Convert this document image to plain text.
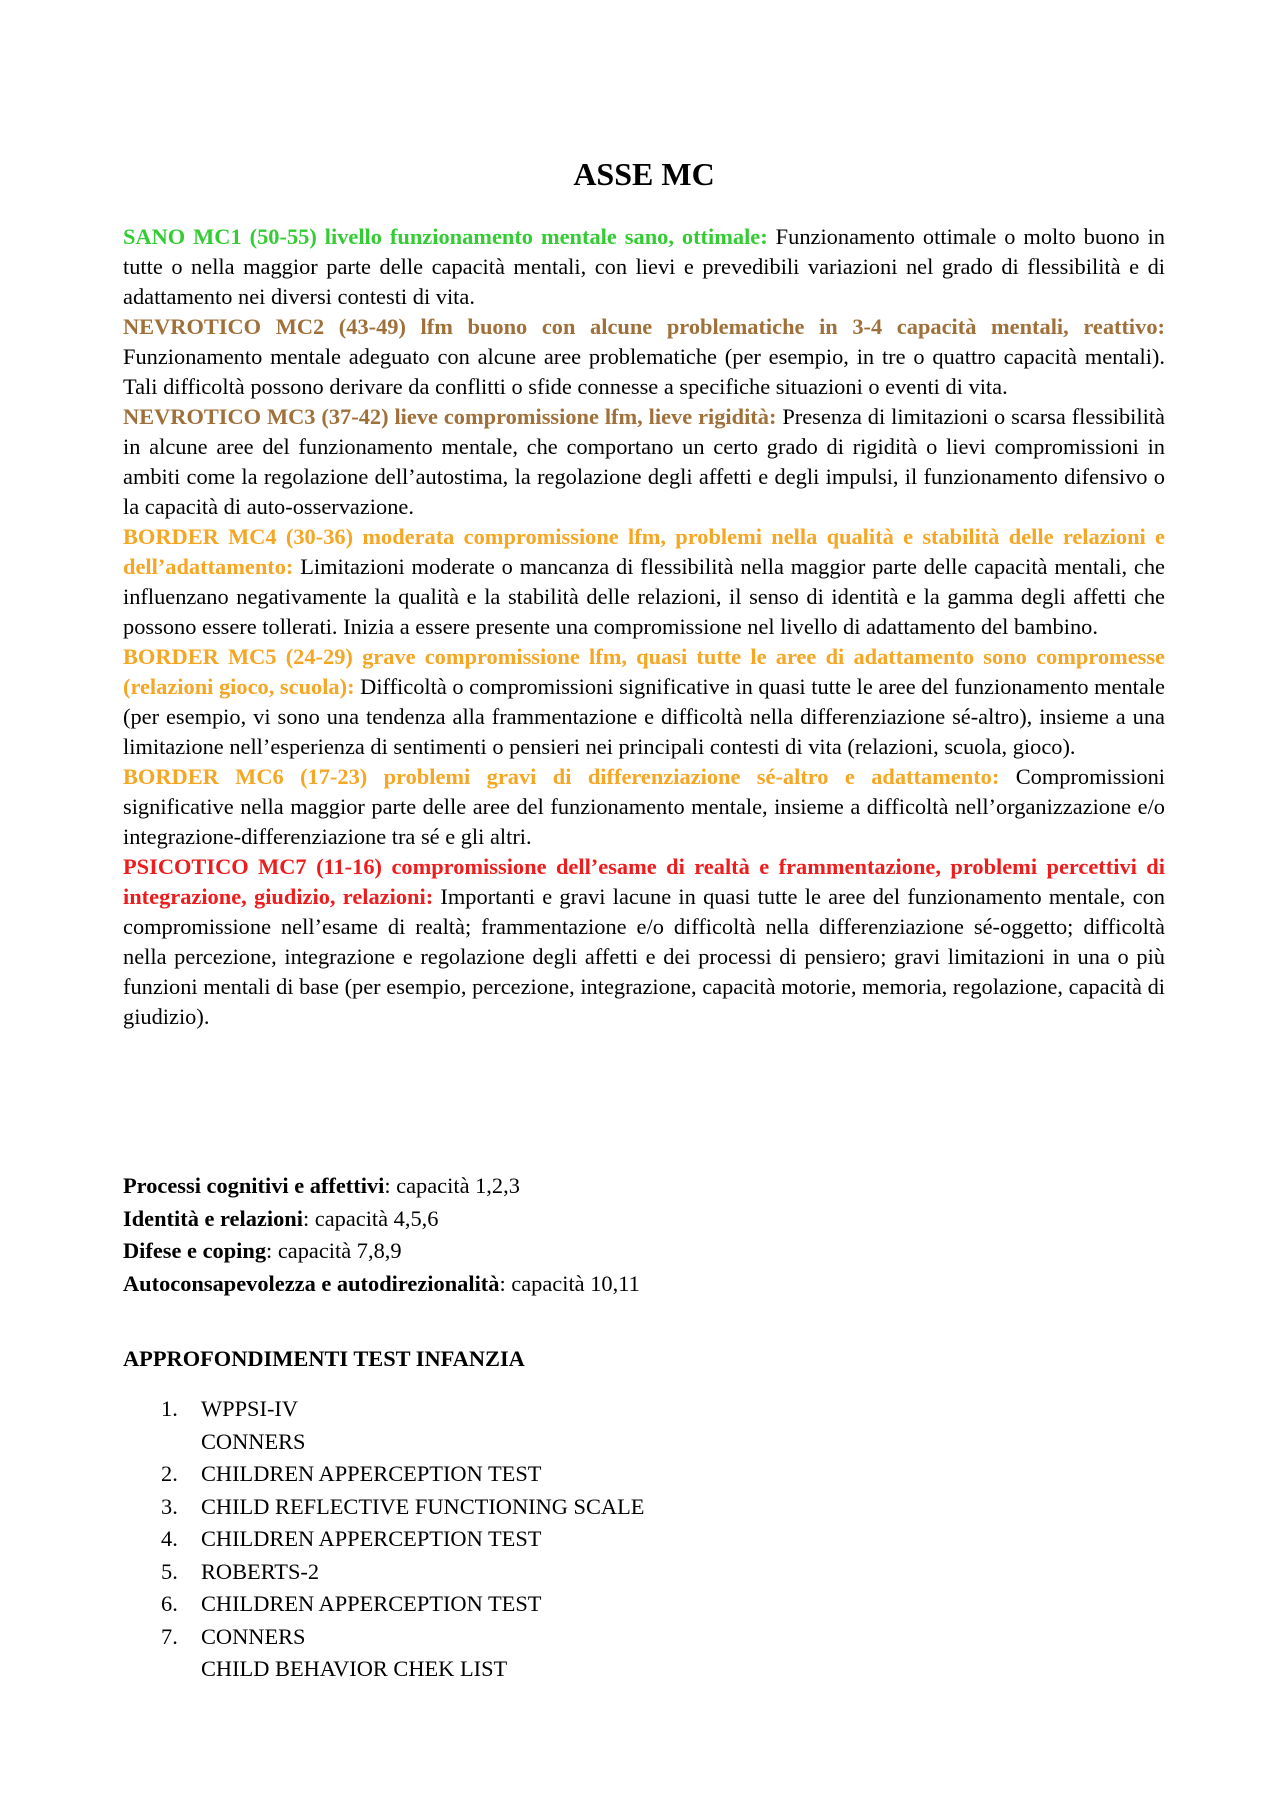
ASSE MC

SANO MC1 (50-55) livello funzionamento mentale sano, ottimale: Funzionamento ottimale o molto buono in tutte o nella maggior parte delle capacità mentali, con lievi e prevedibili variazioni nel grado di flessibilità e di adattamento nei diversi contesti di vita.

NEVROTICO MC2 (43-49) lfm buono con alcune problematiche in 3-4 capacità mentali, reattivo: Funzionamento mentale adeguato con alcune aree problematiche (per esempio, in tre o quattro capacità mentali). Tali difficoltà possono derivare da conflitti o sfide connesse a specifiche situazioni o eventi di vita.

NEVROTICO MC3 (37-42) lieve compromissione lfm, lieve rigidità: Presenza di limitazioni o scarsa flessibilità in alcune aree del funzionamento mentale, che comportano un certo grado di rigidità o lievi compromissioni in ambiti come la regolazione dell’autostima, la regolazione degli affetti e degli impulsi, il funzionamento difensivo o la capacità di auto-osservazione.

BORDER MC4 (30-36) moderata compromissione lfm, problemi nella qualità e stabilità delle relazioni e dell’adattamento: Limitazioni moderate o mancanza di flessibilità nella maggior parte delle capacità mentali, che influenzano negativamente la qualità e la stabilità delle relazioni, il senso di identità e la gamma degli affetti che possono essere tollerati. Inizia a essere presente una compromissione nel livello di adattamento del bambino.

BORDER MC5 (24-29) grave compromissione lfm, quasi tutte le aree di adattamento sono compromesse (relazioni gioco, scuola): Difficoltà o compromissioni significative in quasi tutte le aree del funzionamento mentale (per esempio, vi sono una tendenza alla frammentazione e difficoltà nella differenziazione sé-altro), insieme a una limitazione nell’esperienza di sentimenti o pensieri nei principali contesti di vita (relazioni, scuola, gioco).

BORDER MC6 (17-23) problemi gravi di differenziazione sé-altro e adattamento: Compromissioni significative nella maggior parte delle aree del funzionamento mentale, insieme a difficoltà nell’organizzazione e/o integrazione-differenziazione tra sé e gli altri.

PSICOTICO MC7 (11-16) compromissione dell’esame di realtà e frammentazione, problemi percettivi di integrazione, giudizio, relazioni: Importanti e gravi lacune in quasi tutte le aree del funzionamento mentale, con compromissione nell’esame di realtà; frammentazione e/o difficoltà nella differenziazione sé-oggetto; difficoltà nella percezione, integrazione e regolazione degli affetti e dei processi di pensiero; gravi limitazioni in una o più funzioni mentali di base (per esempio, percezione, integrazione, capacità motorie, memoria, regolazione, capacità di giudizio).

Processi cognitivi e affettivi: capacità 1,2,3

Identità e relazioni: capacità 4,5,6

Difese e coping: capacità 7,8,9

Autoconsapevolezza e autodirezionalità: capacità 10,11

APPROFONDIMENTI TEST INFANZIA
1. WPPSI-IV
CONNERS
2. CHILDREN APPERCEPTION TEST
3. CHILD REFLECTIVE FUNCTIONING SCALE
4. CHILDREN APPERCEPTION TEST
5. ROBERTS-2
6. CHILDREN APPERCEPTION TEST
7. CONNERS
CHILD BEHAVIOR CHEK LIST
